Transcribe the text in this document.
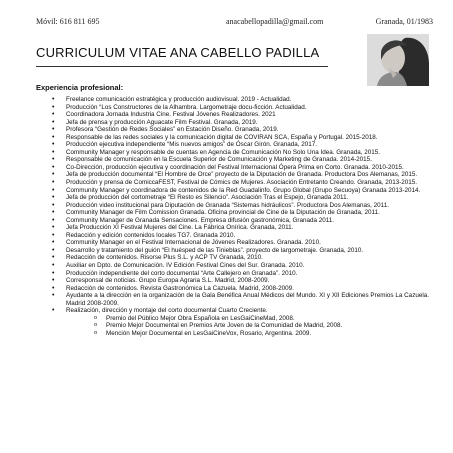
Móvil: 616 811 695	anacabellopadilla@gmail.com	Granada, 01/1983
CURRICULUM VITAE ANA CABELLO PADILLA
Experiencia profesional:
• Freelance comunicación estratégica y producción audiovisual. 2019 - Actualidad.
• Producción “Los Constructores de la Alhambra. Largometraje docu-ficción. Actualidad.
• Coordinadora Jornada Industria Cine. Festival Jóvenes Realizadores. 2021
• Jefa de prensa y producción Aguacate Film Festival. Granada, 2019.
• Profesora “Gestión de Redes Sociales” en Estación Diseño. Granada, 2019.
• Responsable de las redes sociales y la comunicación digital de COVIRAN SCA, España y Portugal. 2015-2018.
• Producción ejecutiva independiente “Mis nuevos amigos” de Óscar Girón. Granada, 2017.
• Community Manager y responsable de cuentas en Agencia de Comunicación No Solo Una Idea. Granada, 2015.
• Responsable de comunicación en la Escuela Superior de Comunicación y Marketing de Granada. 2014-2015.
• Co-Dirección, producción ejecutiva y coordinación del Festival Internacional Ópera Prima en Corto. Granada. 2010-2015.
• Jefa de producción documental “El Hombre de Orce” proyecto de la Diputación de Granada. Productora Dos Alemanas, 2015.
• Producción y prensa de ComiccaFEST, Festival de Cómics de Mujeres. Asociación Entretanto Creando. Granada, 2013-2015.
• Community Manager y coordinadora de contenidos de la Red Guadalinfo. Grupo Global (Grupo Secuoya) Granada 2013-2014.
• Jefa de producción del cortometraje “El Resto es Silencio”. Asociación Tras el Espejo, Granada 2011.
• Producción video institucional para Diputación de Granada “Sistemas hidráulicos”. Productora Dos Alemanas, 2011.
• Community Manager de Film Comission Granada. Oficina provincial de Cine de la Diputación de Granada, 2011.
• Community Manager de Granada Sensaciones. Empresa difusión gastronómica, Granada 2011.
• Jefa Producción XI Festival Mujeres del Cine. La Fábrica Onírica. Granada, 2011.
• Redacción y edición contenidos locales TG7. Granada 2010.
• Community Manager en el Festival Internacional de Jóvenes Realizadores. Granada. 2010.
• Desarrollo y tratamiento del guión “El huésped de las Tinieblas”. proyecto de largometraje. Granada, 2010.
• Redacción de contenidos. Risorse Plus S.L. y ACP TV Granada, 2010.
• Auxiliar en Dpto. de Comunicación. IV Edición Festival Cines del Sur. Granada. 2010.
• Producción independiente del corto documental “Arte Callejero en Granada”. 2010.
• Corresponsal de noticias. Grupo Europa Agraria S.L. Madrid, 2008-2009.
• Redacción de contenidos. Revista Gastronómica La Cazuela. Madrid, 2008-2009.
• Ayudante a la dirección en la organización de la Gala Benéfica Anual Médicos del Mundo. XI y XII Ediciones Premios La Cazuela. Madrid 2008-2009.
• Realización, dirección y montaje del corto documental Cuarto Creciente.
o Premio del Público Mejor Obra Española en LesGaiCineMad, 2008.
o Premio Mejor Documental en Premios Arte Joven de la Comunidad de Madrid, 2008.
o Mención Mejor Documental en LesGaiCineVox, Rosario, Argentina. 2009.
